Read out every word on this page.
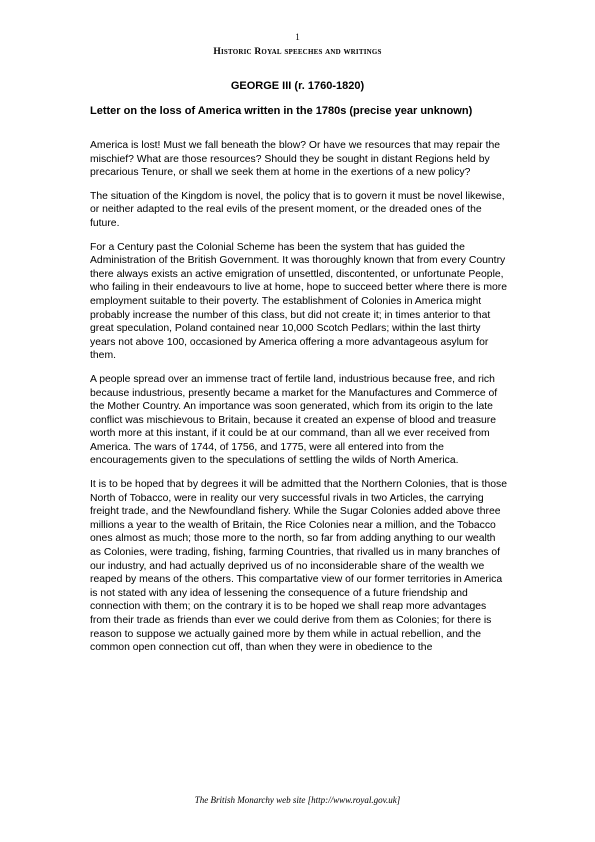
1
Historic Royal speeches and writings
GEORGE III (r. 1760-1820)
Letter on the loss of America written in the 1780s (precise year unknown)

America is lost! Must we fall beneath the blow? Or have we resources that may repair the mischief? What are those resources? Should they be sought in distant Regions held by precarious Tenure, or shall we seek them at home in the exertions of a new policy?

The situation of the Kingdom is novel, the policy that is to govern it must be novel likewise, or neither adapted to the real evils of the present moment, or the dreaded ones of the future.

For a Century past the Colonial Scheme has been the system that has guided the Administration of the British Government. It was thoroughly known that from every Country there always exists an active emigration of unsettled, discontented, or unfortunate People, who failing in their endeavours to live at home, hope to succeed better where there is more employment suitable to their poverty. The establishment of Colonies in America might probably increase the number of this class, but did not create it; in times anterior to that great speculation, Poland contained near 10,000 Scotch Pedlars; within the last thirty years not above 100, occasioned by America offering a more advantageous asylum for them.

A people spread over an immense tract of fertile land, industrious because free, and rich because industrious, presently became a market for the Manufactures and Commerce of the Mother Country. An importance was soon generated, which from its origin to the late conflict was mischievous to Britain, because it created an expense of blood and treasure worth more at this instant, if it could be at our command, than all we ever received from America. The wars of 1744, of 1756, and 1775, were all entered into from the encouragements given to the speculations of settling the wilds of North America.

It is to be hoped that by degrees it will be admitted that the Northern Colonies, that is those North of Tobacco, were in reality our very successful rivals in two Articles, the carrying freight trade, and the Newfoundland fishery. While the Sugar Colonies added above three millions a year to the wealth of Britain, the Rice Colonies near a million, and the Tobacco ones almost as much; those more to the north, so far from adding anything to our wealth as Colonies, were trading, fishing, farming Countries, that rivalled us in many branches of our industry, and had actually deprived us of no inconsiderable share of the wealth we reaped by means of the others. This compartative view of our former territories in America is not stated with any idea of lessening the consequence of a future friendship and connection with them; on the contrary it is to be hoped we shall reap more advantages from their trade as friends than ever we could derive from them as Colonies; for there is reason to suppose we actually gained more by them while in actual rebellion, and the common open connection cut off, than when they were in obedience to the

The British Monarchy web site [http://www.royal.gov.uk]
